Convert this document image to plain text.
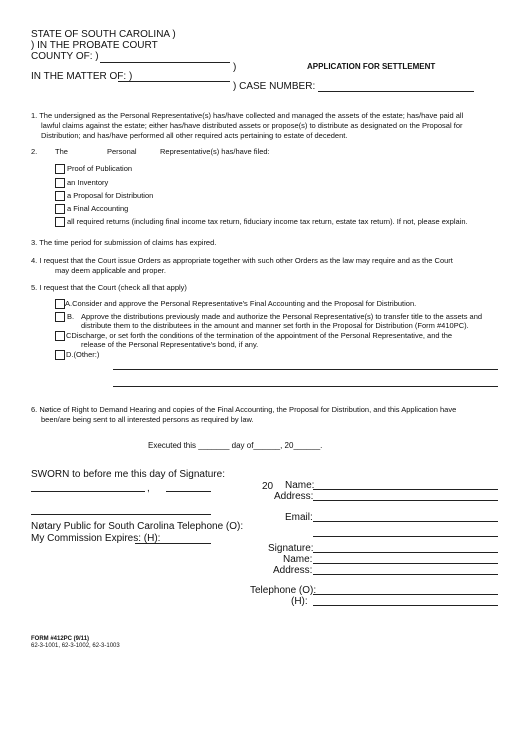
STATE OF SOUTH CAROLINA )
) IN THE PROBATE COURT
COUNTY OF: )
)	APPLICATION FOR SETTLEMENT
IN THE MATTER OF: )
) CASE NUMBER:
1. The undersigned as the Personal Representative(s) has/have collected and managed the assets of the estate; has/have paid all
lawful claims against the estate; either has/have distributed assets or propose(s) to distribute as designated on the Proposal for
Distribution; and has/have performed all other required acts pertaining to estate of decedent.
2. The	Personal	Representative(s) has/have filed:
Proof of Publication
an Inventory
a Proposal for Distribution
a Final Accounting
all required returns (including final income tax return, fiduciary income tax return, estate tax return). If not, please explain.
3. The time period for submission of claims has expired.
4. I request that the Court issue Orders as appropriate together with such other Orders as the law may require and as the Court
may deem applicable and proper.
5. I request that the Court (check all that apply)
A.Consider and approve the Personal Representative's Final Accounting and the Proposal for Distribution.
B. Approve the distributions previously made and authorize the Personal Representative(s) to transfer title to the assets and
distribute them to the distributees in the amount and manner set forth in the Proposal for Distribution (Form #410PC).
CDischarge, or set forth the conditions of the termination of the appointment of the Personal Representative, and the
release of the Personal Representative's bond, if any.
D.(Other:)
6. Nøtice of Right to Demand Hearing and copies of the Final Accounting, the Proposal for Distribution, and this Application have
been/are being sent to all interested persons as required by law.
Executed this _______ day of______, 20______.
SWORN to before me this day of Signature:
,	20
Nøtary Public for South Carolina Telephone (O):
My Commission Expires: (H):
Name:
Address:
Email:
Signature:
Name:
Address:
Telephone (O):
(H):
FORM #412PC (9/11)
62-3-1001, 62-3-1002, 62-3-1003
